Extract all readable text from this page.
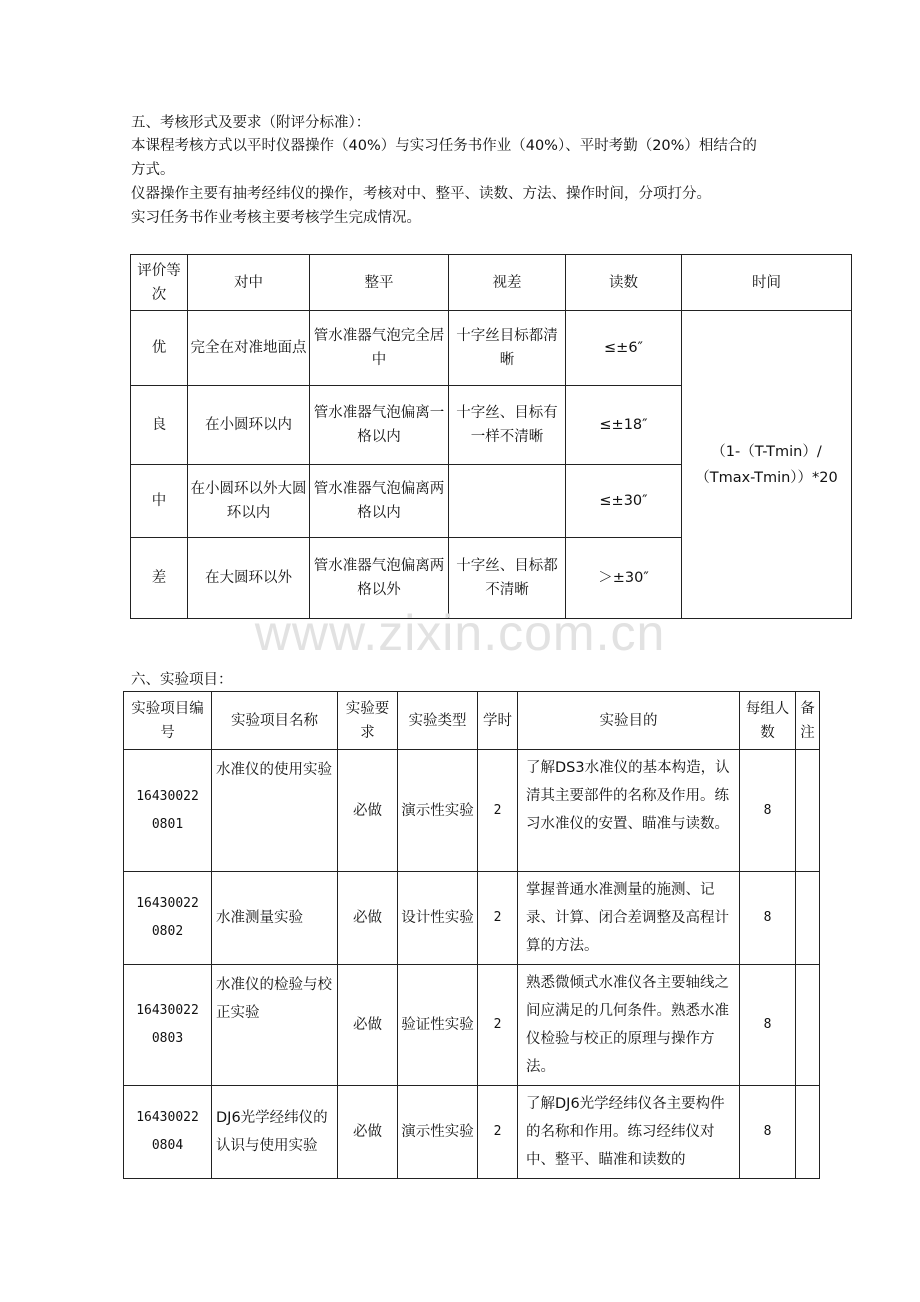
五、考核形式及要求（附评分标准）：
本课程考核方式以平时仪器操作（40%）与实习任务书作业（40%）、平时考勤（20%）相结合的
方式。
仪器操作主要有抽考经纬仪的操作，考核对中、整平、读数、方法、操作时间，分项打分。
实习任务书作业考核主要考核学生完成情况。
评价等次	对中	整平	视差	读数	时间
优	完全在对准地面点	管水准器气泡完全居中	十字丝目标都清晰	≤±6″	（1-（T-Tmin）/（Tmax-Tmin））*20
良	在小圆环以内	管水准器气泡偏离一格以内	十字丝、目标有一样不清晰	≤±18″	
中	在小圆环以外大圆环以内	管水准器气泡偏离两格以内		≤±30″	
差	在大圆环以外	管水准器气泡偏离两格以外	十字丝、目标都不清晰	＞±30″	
www.zixin.com.cn
六、实验项目：
实验项目编号	实验项目名称	实验要求	实验类型	学时	实验目的	每组人数	备注
16430022
0801	水准仪的使用实验	必做	演示性实验	2	了解DS3水准仪的基本构造，认清其主要部件的名称及作用。练习水准仪的安置、瞄准与读数。	8	
16430022
0802	水准测量实验	必做	设计性实验	2	掌握普通水准测量的施测、记录、计算、闭合差调整及高程计算的方法。	8	
16430022
0803	水准仪的检验与校正实验	必做	验证性实验	2	熟悉微倾式水准仪各主要轴线之间应满足的几何条件。熟悉水准仪检验与校正的原理与操作方法。	8	
16430022
0804	DJ6光学经纬仪的认识与使用实验	必做	演示性实验	2	了解DJ6光学经纬仪各主要构件的名称和作用。练习经纬仪对中、整平、瞄准和读数的	8	
